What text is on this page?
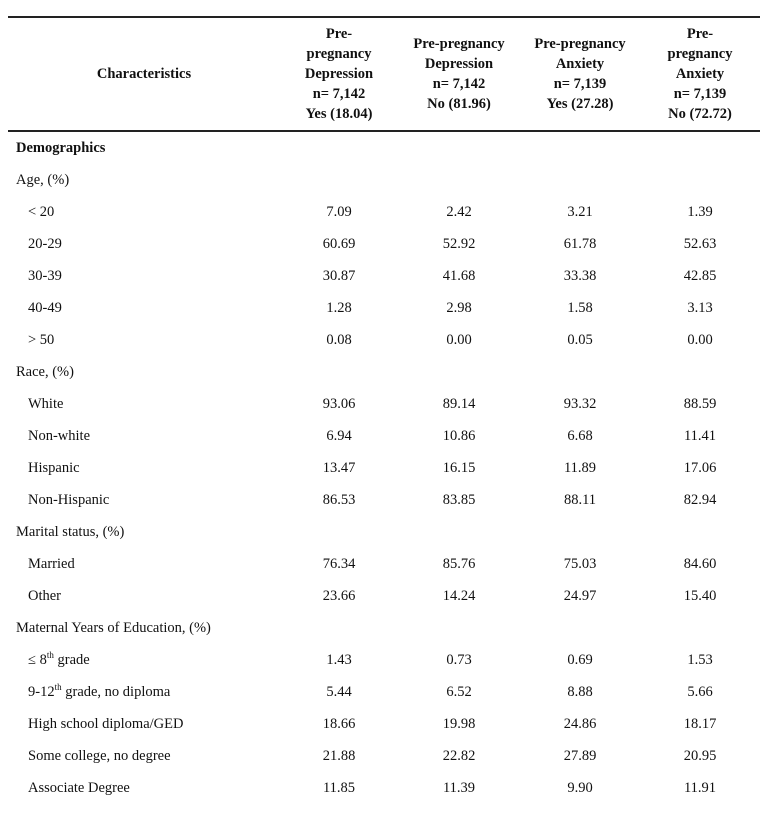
Characteristics	Pre-
pregnancy
Depression
n= 7,142
Yes (18.04)	Pre-pregnancy
Depression
n= 7,142
No (81.96)	Pre-pregnancy
Anxiety
n= 7,139
Yes (27.28)	Pre-
pregnancy
Anxiety
n= 7,139
No (72.72)

Demographics				
Age, (%)				
< 20	7.09	2.42	3.21	1.39
20-29	60.69	52.92	61.78	52.63
30-39	30.87	41.68	33.38	42.85
40-49	1.28	2.98	1.58	3.13
> 50	0.08	0.00	0.05	0.00
Race, (%)				
White	93.06	89.14	93.32	88.59
Non-white	6.94	10.86	6.68	11.41
Hispanic	13.47	16.15	11.89	17.06
Non-Hispanic	86.53	83.85	88.11	82.94
Marital status, (%)				
Married	76.34	85.76	75.03	84.60
Other	23.66	14.24	24.97	15.40
Maternal Years of Education, (%)				
≤ 8th grade	1.43	0.73	0.69	1.53
9-12th grade, no diploma	5.44	6.52	8.88	5.66
High school diploma/GED	18.66	19.98	24.86	18.17
Some college, no degree	21.88	22.82	27.89	20.95
Associate Degree	11.85	11.39	9.90	11.91
